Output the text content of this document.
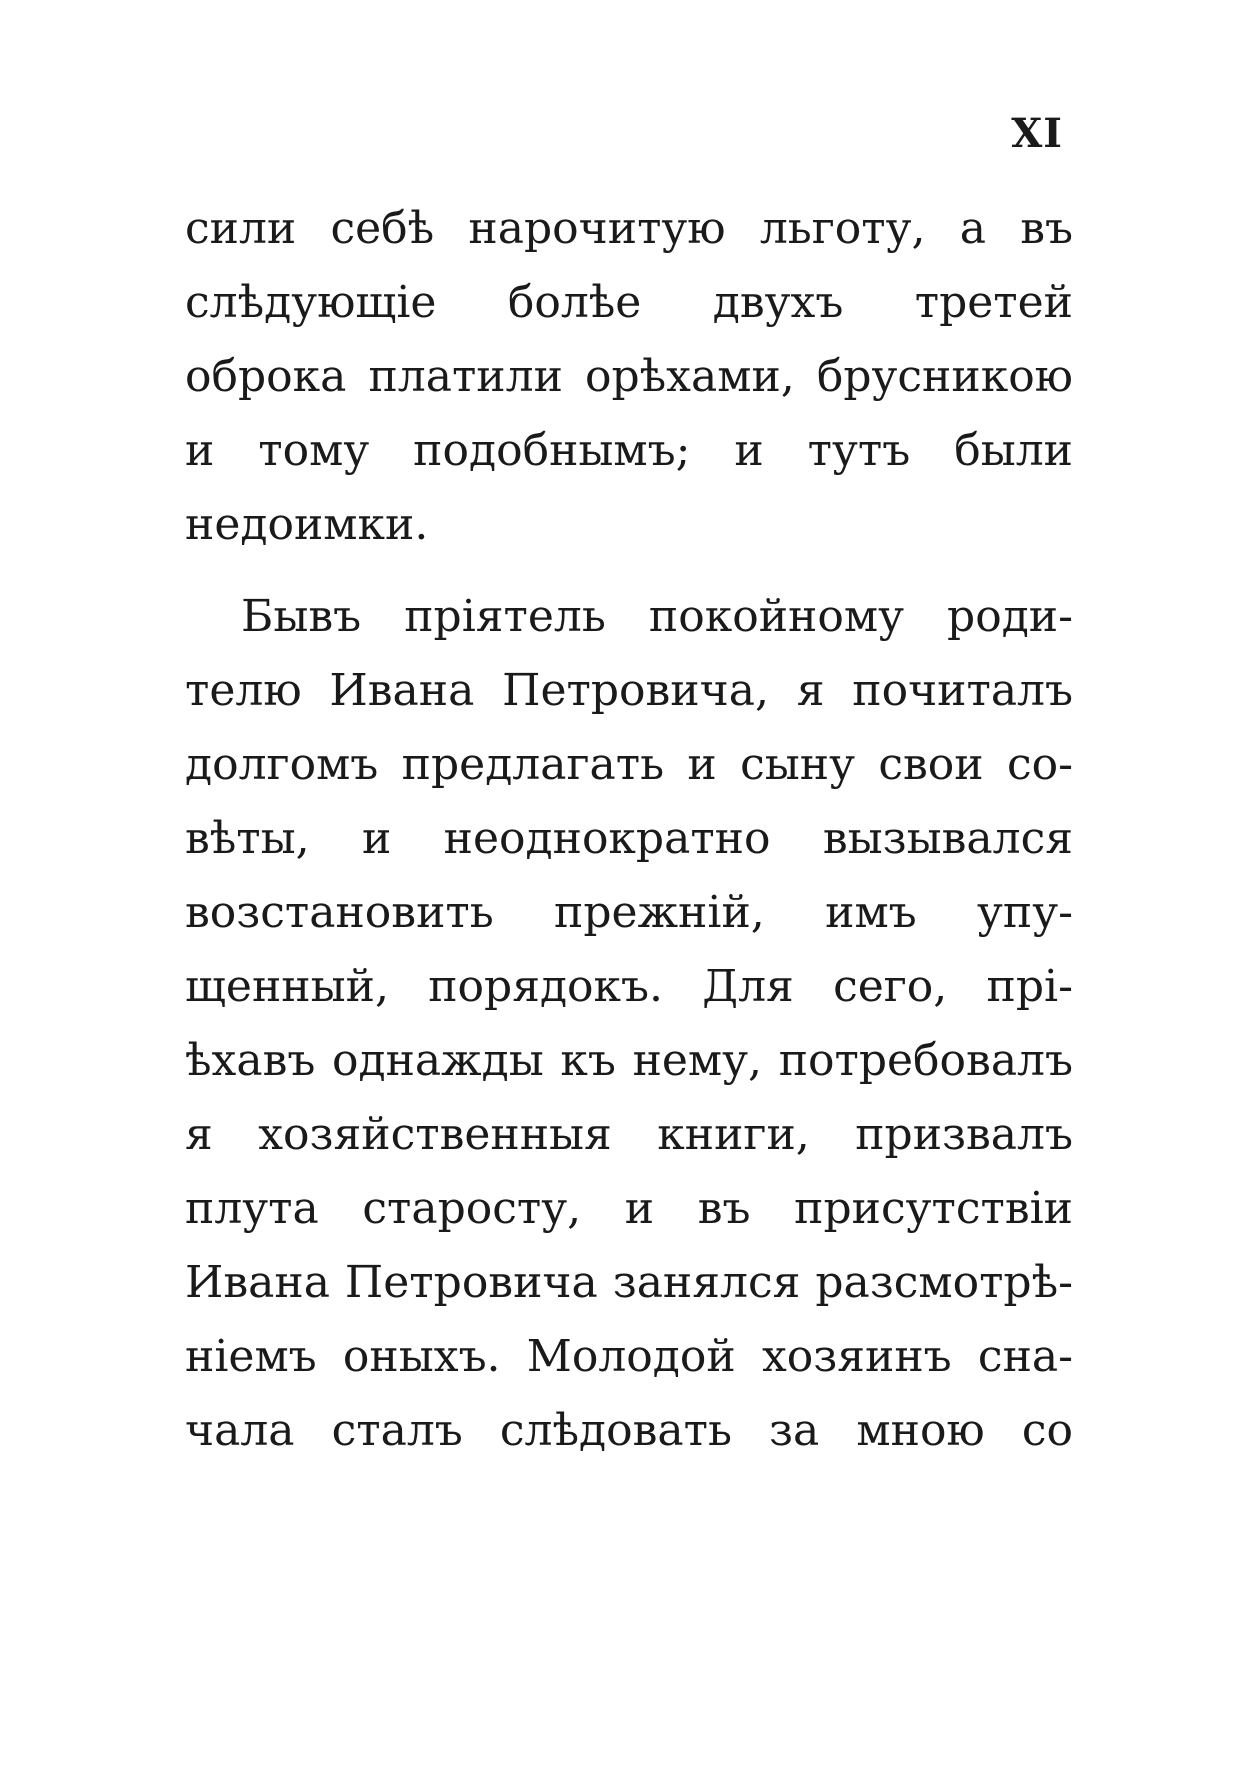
XI
сили себѣ нарочитую льготу, а въ
слѣдующіе болѣе двухъ третей
оброка платили орѣхами, брусникою
и тому подобнымъ; и тутъ были
недоимки.
Бывъ пріятель покойному роди-
телю Ивана Петровича, я почиталъ
долгомъ предлагать и сыну свои со-
вѣты, и неоднократно вызывался
возстановить прежній, имъ упу-
щенный, порядокъ. Для сего, прі-
ѣхавъ однажды къ нему, потребовалъ
я хозяйственныя книги, призвалъ
плута старосту, и въ присутствіи
Ивана Петровича занялся разсмотрѣ-
ніемъ оныхъ. Молодой хозяинъ сна-
чала сталъ слѣдовать за мною со
